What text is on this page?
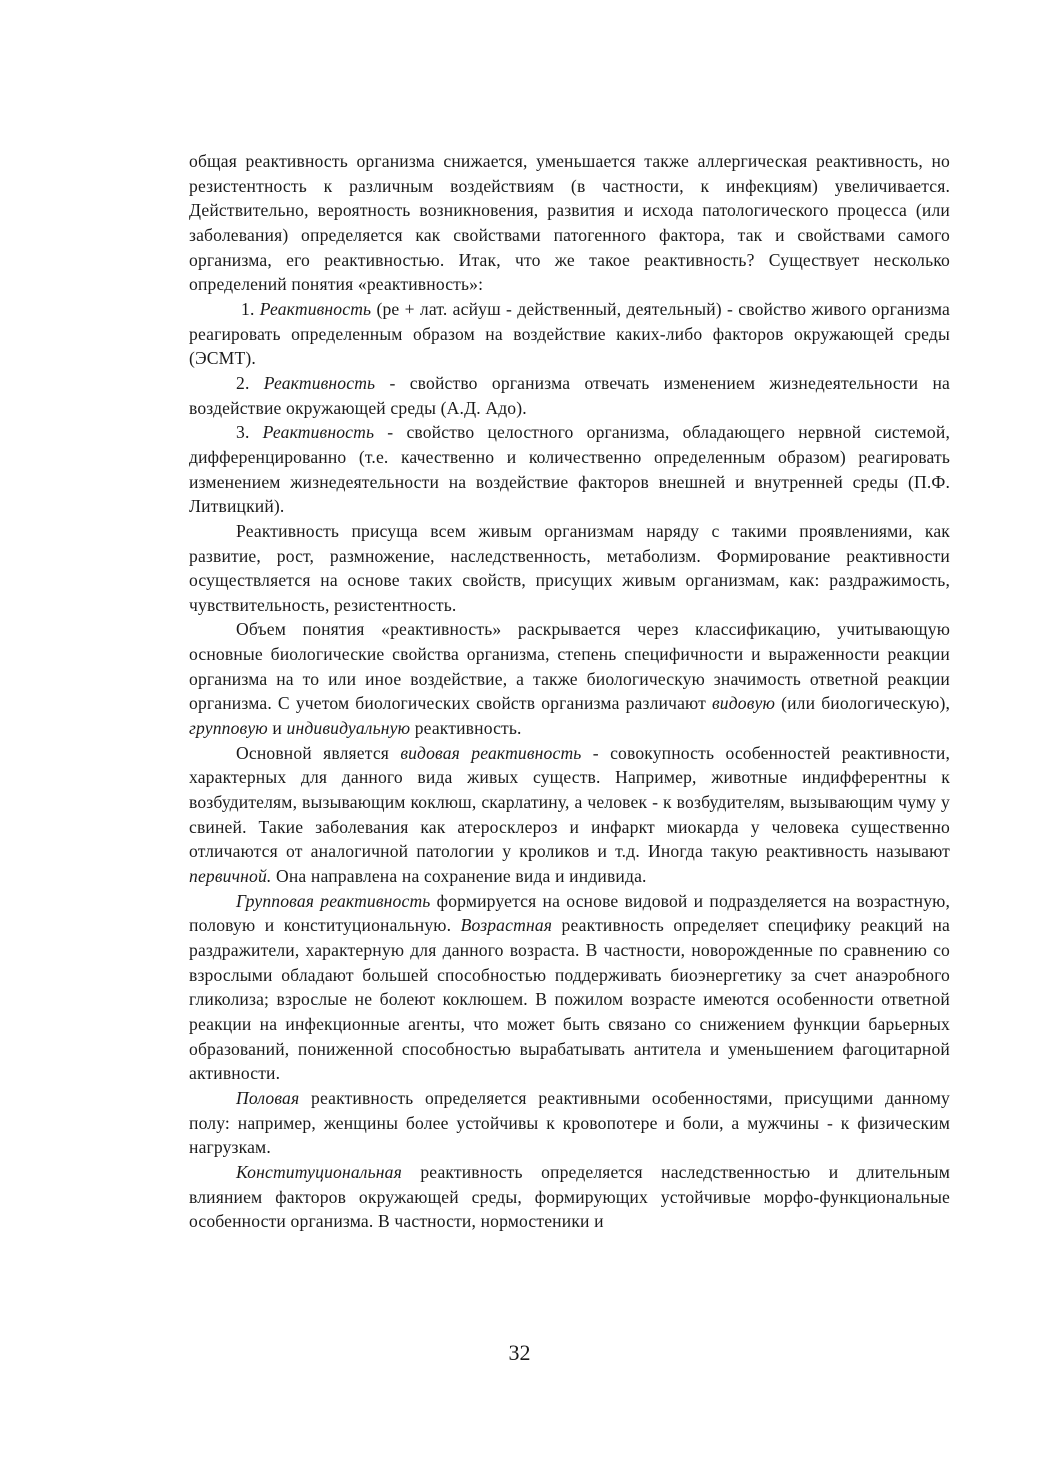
общая реактивность организма снижается, уменьшается также аллергическая реактивность, но резистентность к различным воздействиям (в частности, к инфекциям) увеличивается. Действительно, вероятность возникновения, развития и исхода патологического процесса (или заболевания) определяется как свойствами патогенного фактора, так и свойствами самого организма, его реактивностью. Итак, что же такое реактивность? Существует несколько определений понятия «реактивность»:

1. Реактивность (ре + лат. асйуш - действенный, деятельный) - свойство живого организма реагировать определенным образом на воздействие каких-либо факторов окружающей среды (ЭСМТ).

2. Реактивность - свойство организма отвечать изменением жизнедеятельности на воздействие окружающей среды (А.Д. Адо).

3. Реактивность - свойство целостного организма, обладающего нервной системой, дифференцированно (т.е. качественно и количественно определенным образом) реагировать изменением жизнедеятельности на воздействие факторов внешней и внутренней среды (П.Ф. Литвицкий).

Реактивность присуща всем живым организмам наряду с такими проявлениями, как развитие, рост, размножение, наследственность, метаболизм. Формирование реактивности осуществляется на основе таких свойств, присущих живым организмам, как: раздражимость, чувствительность, резистентность.

Объем понятия «реактивность» раскрывается через классификацию, учитывающую основные биологические свойства организма, степень специфичности и выраженности реакции организма на то или иное воздействие, а также биологическую значимость ответной реакции организма. С учетом биологических свойств организма различают видовую (или биологическую), групповую и индивидуальную реактивность.

Основной является видовая реактивность - совокупность особенностей реактивности, характерных для данного вида живых существ. Например, животные индифферентны к возбудителям, вызывающим коклюш, скарлатину, а человек - к возбудителям, вызывающим чуму у свиней. Такие заболевания как атеросклероз и инфаркт миокарда у человека существенно отличаются от аналогичной патологии у кроликов и т.д. Иногда такую реактивность называют первичной. Она направлена на сохранение вида и индивида.

Групповая реактивность формируется на основе видовой и подразделяется на возрастную, половую и конституциональную. Возрастная реактивность определяет специфику реакций на раздражители, характерную для данного возраста. В частности, новорожденные по сравнению со взрослыми обладают большей способностью поддерживать биоэнергетику за счет анаэробного гликолиза; взрослые не болеют коклюшем. В пожилом возрасте имеются особенности ответной реакции на инфекционные агенты, что может быть связано со снижением функции барьерных образований, пониженной способностью вырабатывать антитела и уменьшением фагоцитарной активности.

Половая реактивность определяется реактивными особенностями, присущими данному полу: например, женщины более устойчивы к кровопотере и боли, а мужчины - к физическим нагрузкам.

Конституциональная реактивность определяется наследственностью и длительным влиянием факторов окружающей среды, формирующих устойчивые морфо-функциональные особенности организма. В частности, нормостеники и

32
